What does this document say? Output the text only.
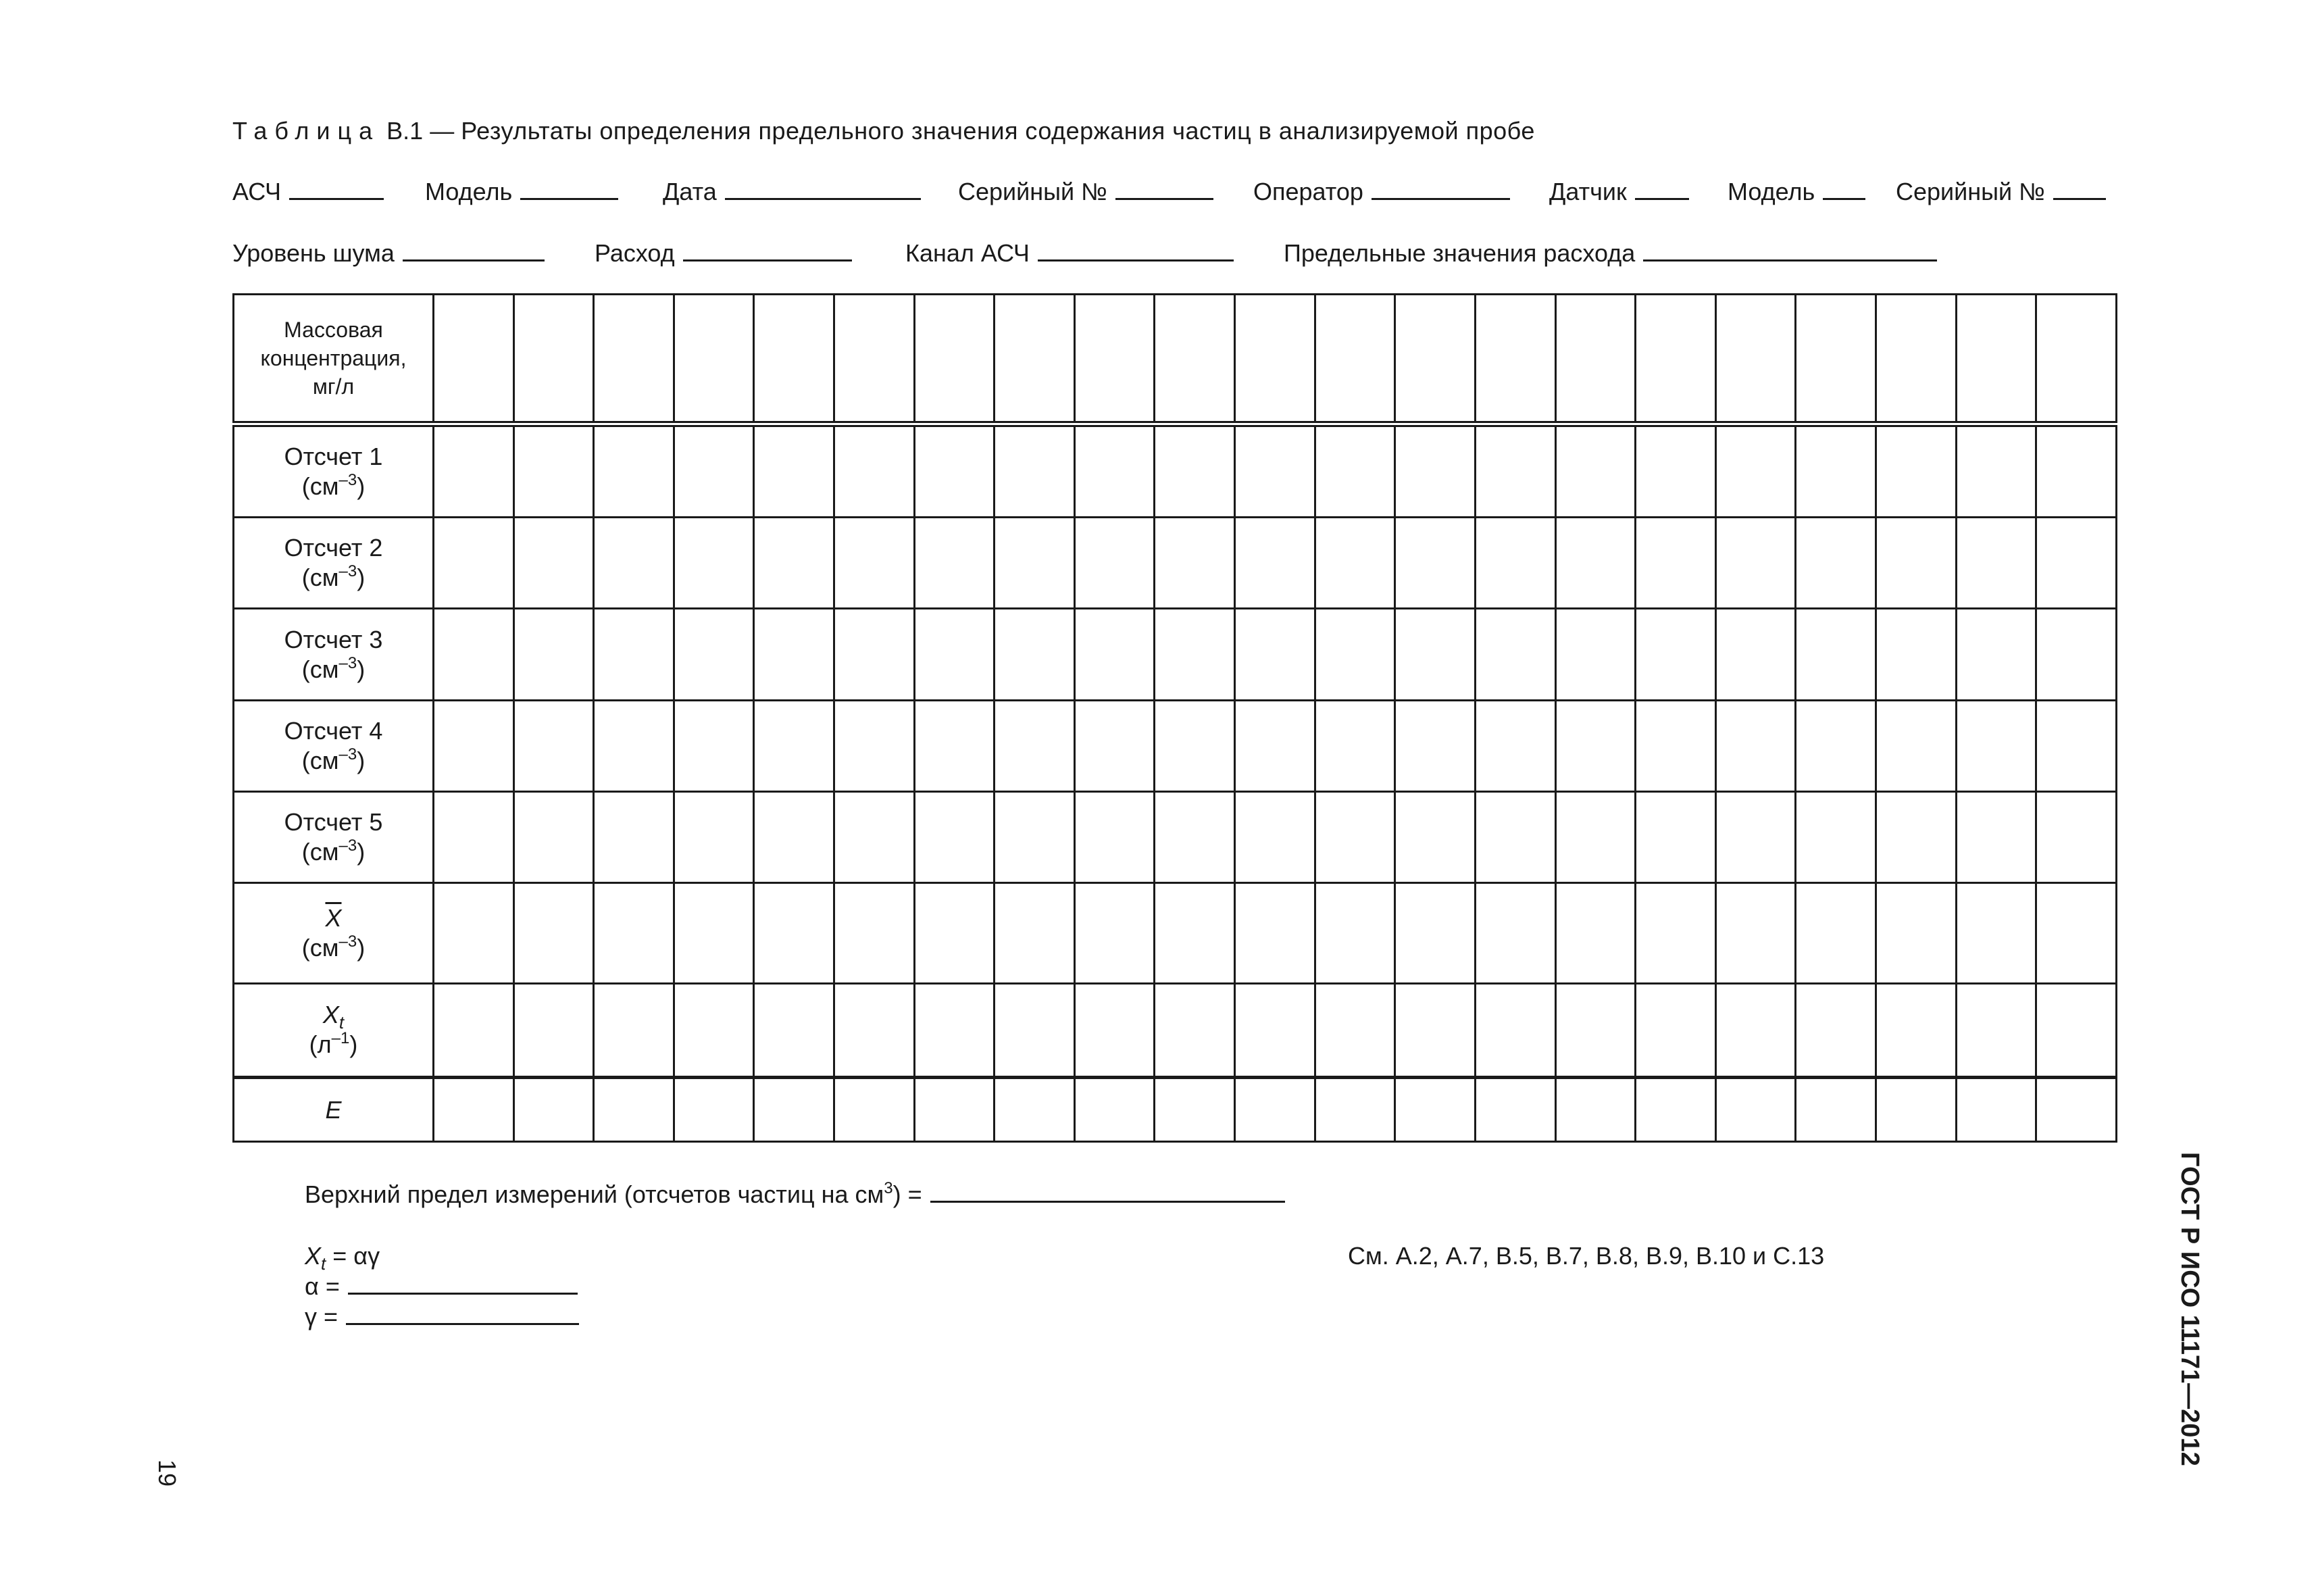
Таблица В.1 — Результаты определения предельного значения содержания частиц в анализируемой пробе
АСЧ	Модель	Дата	Серийный №	Оператор	Датчик	Модель	Серийный №
Уровень шума	Расход	Канал АСЧ	Предельные значения расхода
Массовая
концентрация,
мг/л																					
Отсчет 1
$(см^{-3})$																					
Отсчет 2
$(см^{-3})$																					
Отсчет 3
$(см^{-3})$																					
Отсчет 4
$(см^{-3})$																					
Отсчет 5
$(см^{-3})$																					
$\overline{X}$
$(см^{-3})$																					
$X_t$
$(л^{-1})$																					
E																					
Верхний предел измерений (отсчетов частиц на $см^3$) =
$X_t = \alpha\gamma$
α =
γ =
См. А.2, А.7, В.5, В.7, В.8, В.9, В.10 и С.13
19
ГОСТ Р ИСО 11171—2012
